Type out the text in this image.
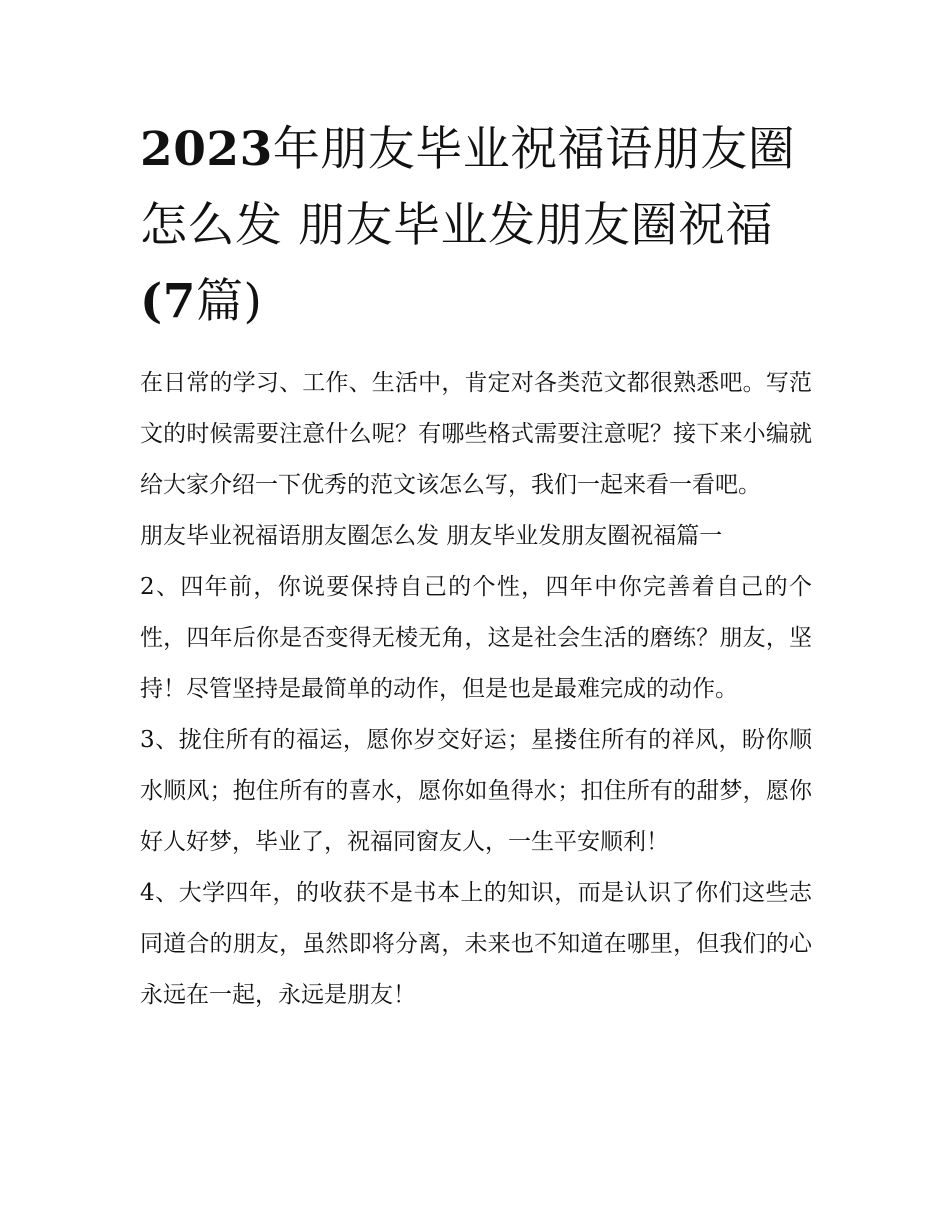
2023年朋友毕业祝福语朋友圈
怎么发 朋友毕业发朋友圈祝福
(7篇)

在日常的学习、工作、生活中，肯定对各类范文都很熟悉吧。写范文的时候需要注意什么呢？有哪些格式需要注意呢？接下来小编就给大家介绍一下优秀的范文该怎么写，我们一起来看一看吧。

朋友毕业祝福语朋友圈怎么发 朋友毕业发朋友圈祝福篇一

2、四年前，你说要保持自己的个性，四年中你完善着自己的个性，四年后你是否变得无棱无角，这是社会生活的磨练？朋友，坚持！尽管坚持是最简单的动作，但是也是最难完成的动作。

3、拢住所有的福运，愿你岁交好运；星搂住所有的祥风，盼你顺水顺风；抱住所有的喜水，愿你如鱼得水；扣住所有的甜梦，愿你好人好梦，毕业了，祝福同窗友人，一生平安顺利！

4、大学四年，的收获不是书本上的知识，而是认识了你们这些志同道合的朋友，虽然即将分离，未来也不知道在哪里，但我们的心永远在一起，永远是朋友！
